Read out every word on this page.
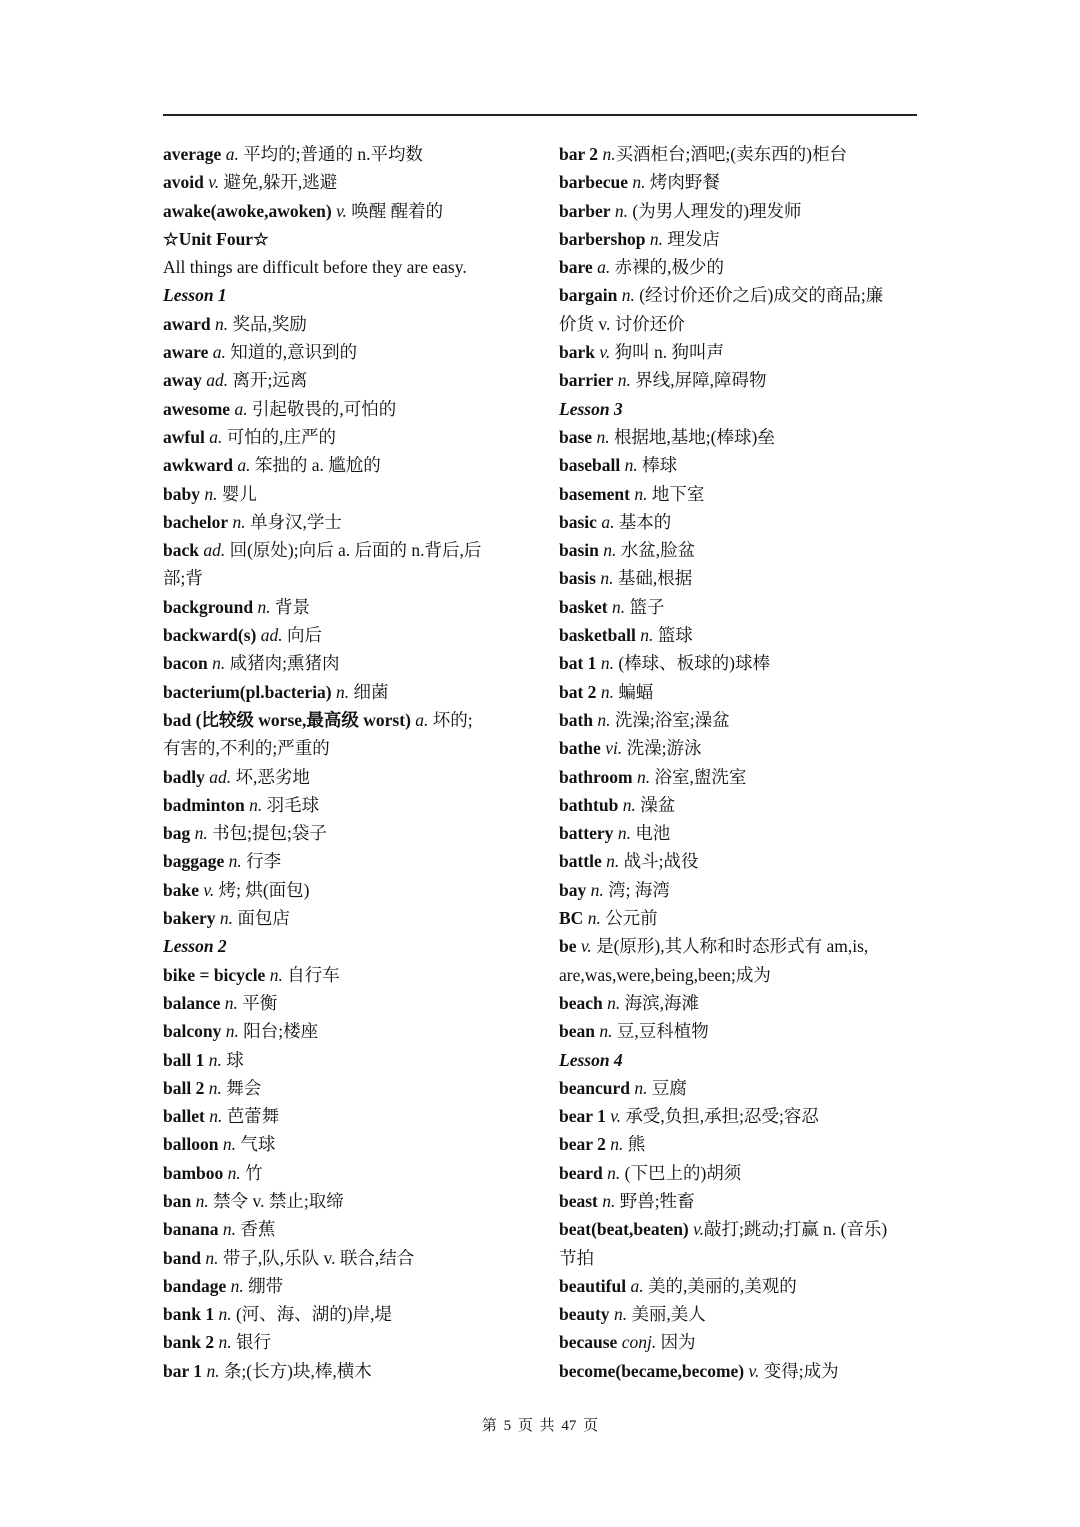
average a. 平均的;普通的 n.平均数
avoid v. 避免,躲开,逃避
awake(awoke,awoken) v. 唤醒 醒着的
☆Unit Four☆
All things are difficult before they are easy.
Lesson 1
award n. 奖品,奖励
aware a. 知道的,意识到的
away ad. 离开;远离
awesome a. 引起敬畏的,可怕的
awful a. 可怕的,庄严的
awkward a. 笨拙的 a. 尴尬的
baby n. 婴儿
bachelor n. 单身汉,学士
back ad. 回(原处);向后 a. 后面的 n.背后,后
部;背
background n. 背景
backward(s) ad. 向后
bacon n. 咸猪肉;熏猪肉
bacterium(pl.bacteria) n. 细菌
bad (比较级 worse,最高级 worst) a. 坏的;
有害的,不利的;严重的
badly ad. 坏,恶劣地
badminton n. 羽毛球
bag n. 书包;提包;袋子
baggage n. 行李
bake v. 烤; 烘(面包)
bakery n. 面包店
Lesson 2
bike = bicycle n. 自行车
balance n. 平衡
balcony n. 阳台;楼座
ball 1 n. 球
ball 2 n. 舞会
ballet n. 芭蕾舞
balloon n. 气球
bamboo n. 竹
ban n. 禁令 v. 禁止;取缔
banana n. 香蕉
band n. 带子,队,乐队 v. 联合,结合
bandage n. 绷带
bank 1 n. (河、海、湖的)岸,堤
bank 2 n. 银行
bar 1 n. 条;(长方)块,棒,横木
bar 2 n.买酒柜台;酒吧;(卖东西的)柜台
barbecue n. 烤肉野餐
barber n. (为男人理发的)理发师
barbershop n. 理发店
bare a. 赤裸的,极少的
bargain n. (经讨价还价之后)成交的商品;廉
价货 v. 讨价还价
bark v. 狗叫 n. 狗叫声
barrier n. 界线,屏障,障碍物
Lesson 3
base n. 根据地,基地;(棒球)垒
baseball n. 棒球
basement n. 地下室
basic a. 基本的
basin n. 水盆,脸盆
basis n. 基础,根据
basket n. 篮子
basketball n. 篮球
bat 1 n. (棒球、板球的)球棒
bat 2 n. 蝙蝠
bath n. 洗澡;浴室;澡盆
bathe vi. 洗澡;游泳
bathroom n. 浴室,盥洗室
bathtub n. 澡盆
battery n. 电池
battle n. 战斗;战役
bay n. 湾; 海湾
BC n. 公元前
be v. 是(原形),其人称和时态形式有 am,is,
are,was,were,being,been;成为
beach n. 海滨,海滩
bean n. 豆,豆科植物
Lesson 4
beancurd n. 豆腐
bear 1 v. 承受,负担,承担;忍受;容忍
bear 2 n. 熊
beard n. (下巴上的)胡须
beast n. 野兽;牲畜
beat(beat,beaten) v.敲打;跳动;打赢 n. (音乐)
节拍
beautiful a. 美的,美丽的,美观的
beauty n. 美丽,美人
because conj. 因为
become(became,become) v. 变得;成为
第 5 页 共 47 页
